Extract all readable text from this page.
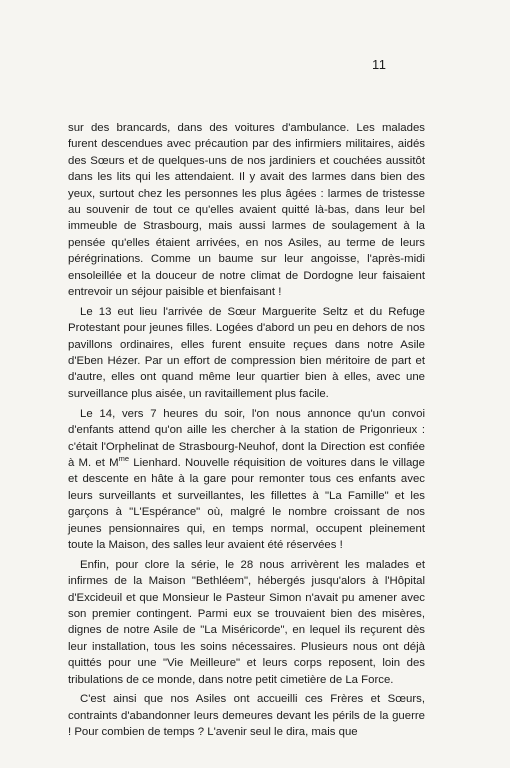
11

sur des brancards, dans des voitures d'ambulance. Les malades furent descendues avec précaution par des infirmiers militaires, aidés des Sœurs et de quelques-uns de nos jardiniers et couchées aussitôt dans les lits qui les attendaient. Il y avait des larmes dans bien des yeux, surtout chez les personnes les plus âgées : larmes de tristesse au souvenir de tout ce qu'elles avaient quitté là-bas, dans leur bel immeuble de Strasbourg, mais aussi larmes de soulagement à la pensée qu'elles étaient arrivées, en nos Asiles, au terme de leurs pérégrinations. Comme un baume sur leur angoisse, l'après-midi ensoleillée et la douceur de notre climat de Dordogne leur faisaient entrevoir un séjour paisible et bienfaisant !

Le 13 eut lieu l'arrivée de Sœur Marguerite Seltz et du Refuge Protestant pour jeunes filles. Logées d'abord un peu en dehors de nos pavillons ordinaires, elles furent ensuite reçues dans notre Asile d'Eben Hézer. Par un effort de compression bien méritoire de part et d'autre, elles ont quand même leur quartier bien à elles, avec une surveillance plus aisée, un ravitaillement plus facile.

Le 14, vers 7 heures du soir, l'on nous annonce qu'un convoi d'enfants attend qu'on aille les chercher à la station de Prigonrieux : c'était l'Orphelinat de Strasbourg-Neuhof, dont la Direction est confiée à M. et $M^{me}$ Lienhard. Nouvelle réquisition de voitures dans le village et descente en hâte à la gare pour remonter tous ces enfants avec leurs surveillants et surveillantes, les fillettes à "La Famille" et les garçons à "L'Espérance" où, malgré le nombre croissant de nos jeunes pensionnaires qui, en temps normal, occupent pleinement toute la Maison, des salles leur avaient été réservées !

Enfin, pour clore la série, le 28 nous arrivèrent les malades et infirmes de la Maison "Bethléem", hébergés jusqu'alors à l'Hôpital d'Excideuil et que Monsieur le Pasteur Simon n'avait pu amener avec son premier contingent. Parmi eux se trouvaient bien des misères, dignes de notre Asile de "La Miséricorde", en lequel ils reçurent dès leur installation, tous les soins nécessaires. Plusieurs nous ont déjà quittés pour une "Vie Meilleure" et leurs corps reposent, loin des tribulations de ce monde, dans notre petit cimetière de La Force.

C'est ainsi que nos Asiles ont accueilli ces Frères et Sœurs, contraints d'abandonner leurs demeures devant les périls de la guerre ! Pour combien de temps ? L'avenir seul le dira, mais que
